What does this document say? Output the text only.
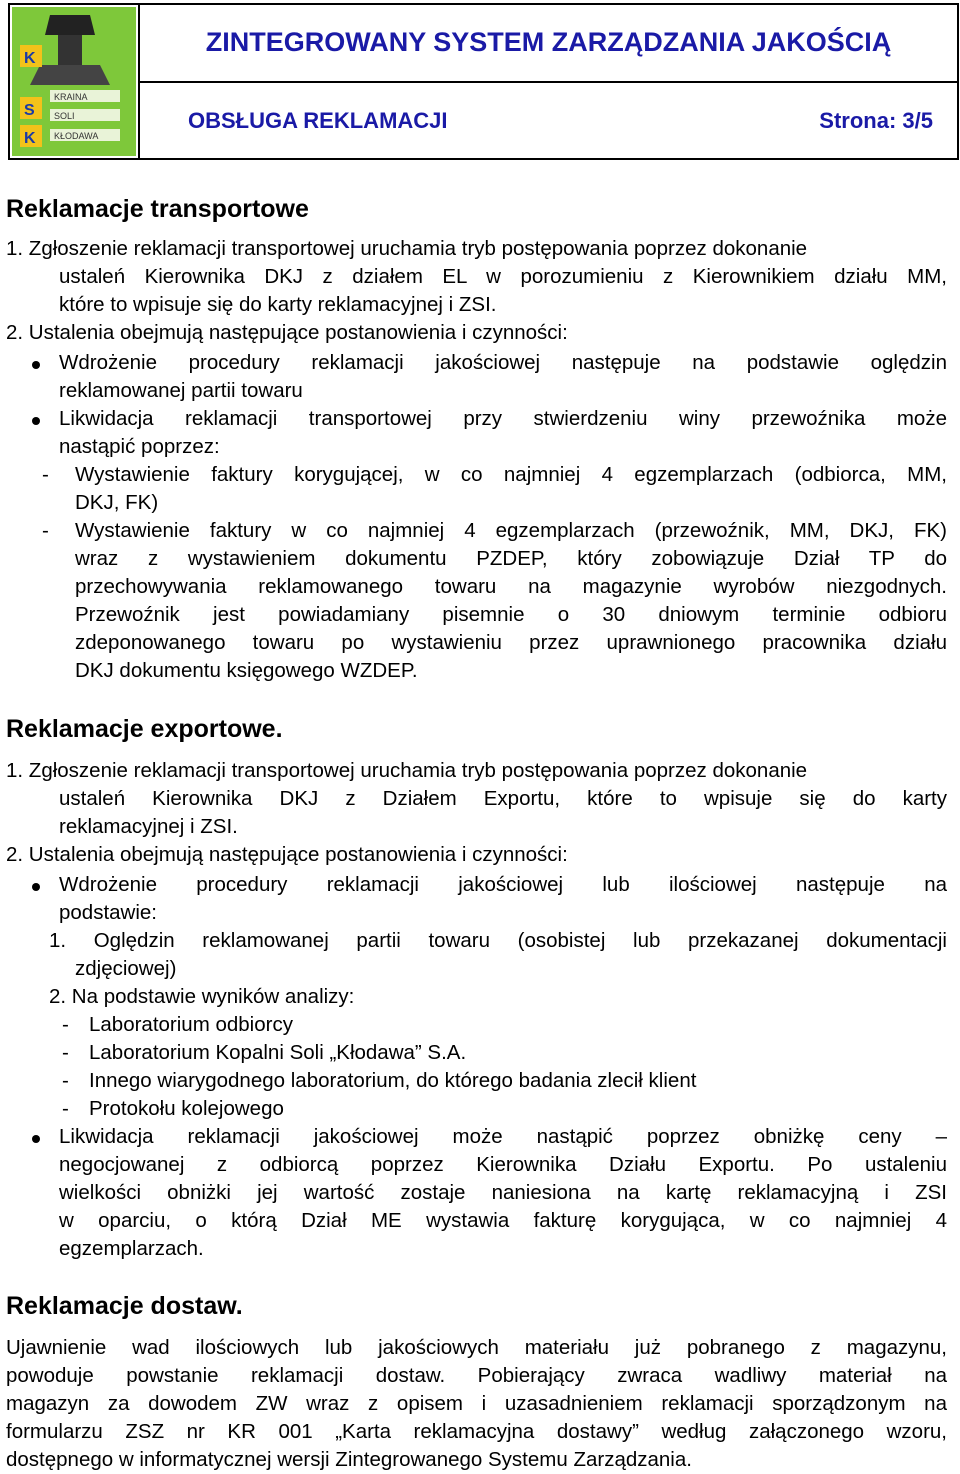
K
S
K
KRAINA
SOLI
KŁODAWA
ZINTEGROWANY SYSTEM ZARZĄDZANIA JAKOŚCIĄ
OBSŁUGA REKLAMACJI	Strona: 3/5
Reklamacje transportowe
1. Zgłoszenie reklamacji transportowej uruchamia tryb postępowania poprzez dokonanie
ustaleń Kierownika DKJ z działem EL w porozumieniu z Kierownikiem działu MM,
które to wpisuje się do karty reklamacyjnej i ZSI.
2. Ustalenia obejmują następujące postanowienia i czynności:
Wdrożenie procedury reklamacji jakościowej następuje na podstawie oględzin
reklamowanej partii towaru
Likwidacja reklamacji transportowej przy stwierdzeniu winy przewoźnika może
nastąpić poprzez:
- Wystawienie faktury korygującej, w co najmniej 4 egzemplarzach (odbiorca, MM,
DKJ, FK)
- Wystawienie faktury w co najmniej 4 egzemplarzach (przewoźnik, MM, DKJ, FK)
wraz z wystawieniem dokumentu PZDEP, który zobowiązuje Dział TP do
przechowywania reklamowanego towaru na magazynie wyrobów niezgodnych.
Przewoźnik jest powiadamiany pisemnie o 30 dniowym terminie odbioru
zdeponowanego towaru po wystawieniu przez uprawnionego pracownika działu
DKJ dokumentu księgowego WZDEP.
Reklamacje exportowe.
1. Zgłoszenie reklamacji transportowej uruchamia tryb postępowania poprzez dokonanie
ustaleń Kierownika DKJ z Działem Exportu, które to wpisuje się do karty
reklamacyjnej i ZSI.
2. Ustalenia obejmują następujące postanowienia i czynności:
Wdrożenie procedury reklamacji jakościowej lub ilościowej następuje na
podstawie:
1. Oględzin reklamowanej partii towaru (osobistej lub przekazanej dokumentacji
zdjęciowej)
2. Na podstawie wyników analizy:
- Laboratorium odbiorcy
- Laboratorium Kopalni Soli „Kłodawa” S.A.
- Innego wiarygodnego laboratorium, do którego badania zlecił klient
- Protokołu kolejowego
Likwidacja reklamacji jakościowej może nastąpić poprzez obniżkę ceny –
negocjowanej z odbiorcą poprzez Kierownika Działu Exportu. Po ustaleniu
wielkości obniżki jej wartość zostaje naniesiona na kartę reklamacyjną i ZSI
w oparciu, o którą Dział ME wystawia fakturę korygująca, w co najmniej 4
egzemplarzach.
Reklamacje dostaw.
Ujawnienie wad ilościowych lub jakościowych materiału już pobranego z magazynu,
powoduje powstanie reklamacji dostaw. Pobierający zwraca wadliwy materiał na
magazyn za dowodem ZW wraz z opisem i uzasadnieniem reklamacji sporządzonym na
formularzu ZSZ nr KR 001 „Karta reklamacyjna dostawy” według załączonego wzoru,
dostępnego w informatycznej wersji Zintegrowanego Systemu Zarządzania.
